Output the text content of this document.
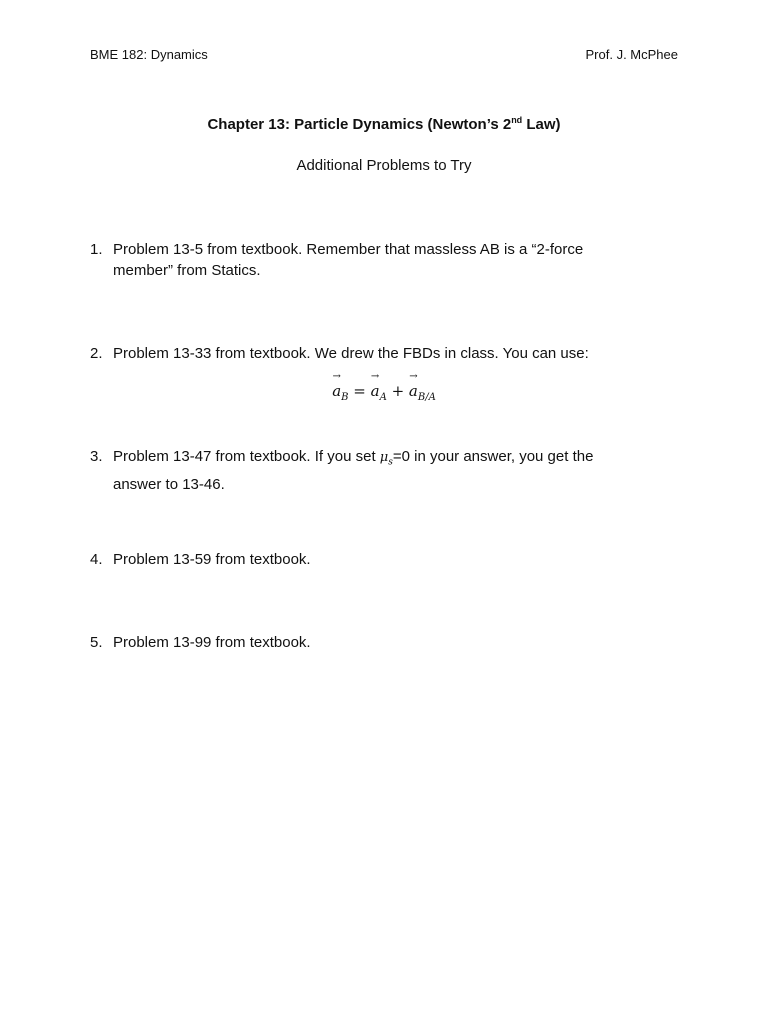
BME 182: Dynamics	Prof. J. McPhee
Chapter 13: Particle Dynamics (Newton’s 2nd Law)
Additional Problems to Try
1. Problem 13-5 from textbook. Remember that massless AB is a “2-force
member” from Statics.
2. Problem 13-33 from textbook. We drew the FBDs in class. You can use:
→ $a_B$ = → $a_A$ + → $a_{B/A}$
3. Problem 13-47 from textbook. If you set $\mu_s=0$ in your answer, you get the
answer to 13-46.
4. Problem 13-59 from textbook.
5. Problem 13-99 from textbook.
